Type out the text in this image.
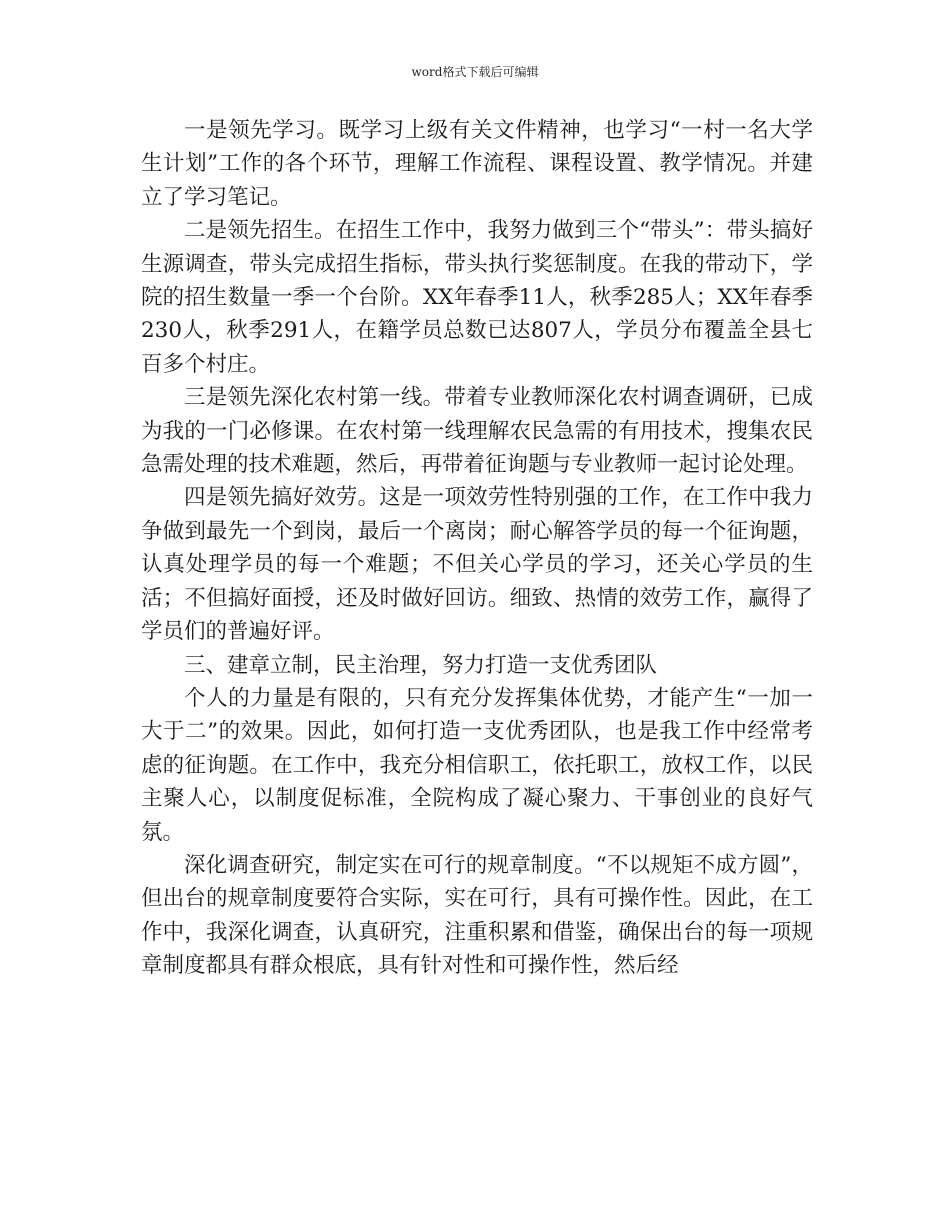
word格式下载后可编辑

一是领先学习。既学习上级有关文件精神，也学习“一村一名大学生计划”工作的各个环节，理解工作流程、课程设置、教学情况。并建立了学习笔记。

二是领先招生。在招生工作中，我努力做到三个“带头”：带头搞好生源调查，带头完成招生指标，带头执行奖惩制度。在我的带动下，学院的招生数量一季一个台阶。XX年春季11人，秋季285人；XX年春季230人，秋季291人，在籍学员总数已达807人，学员分布覆盖全县七百多个村庄。

三是领先深化农村第一线。带着专业教师深化农村调查调研，已成为我的一门必修课。在农村第一线理解农民急需的有用技术，搜集农民急需处理的技术难题，然后，再带着征询题与专业教师一起讨论处理。

四是领先搞好效劳。这是一项效劳性特别强的工作，在工作中我力争做到最先一个到岗，最后一个离岗；耐心解答学员的每一个征询题，认真处理学员的每一个难题；不但关心学员的学习，还关心学员的生活；不但搞好面授，还及时做好回访。细致、热情的效劳工作，赢得了学员们的普遍好评。

三、建章立制，民主治理，努力打造一支优秀团队

个人的力量是有限的，只有充分发挥集体优势，才能产生“一加一大于二”的效果。因此，如何打造一支优秀团队，也是我工作中经常考虑的征询题。在工作中，我充分相信职工，依托职工，放权工作，以民主聚人心，以制度促标准，全院构成了凝心聚力、干事创业的良好气氛。

深化调查研究，制定实在可行的规章制度。“不以规矩不成方圆”，但出台的规章制度要符合实际，实在可行，具有可操作性。因此，在工作中，我深化调查，认真研究，注重积累和借鉴，确保出台的每一项规章制度都具有群众根底，具有针对性和可操作性，然后经
